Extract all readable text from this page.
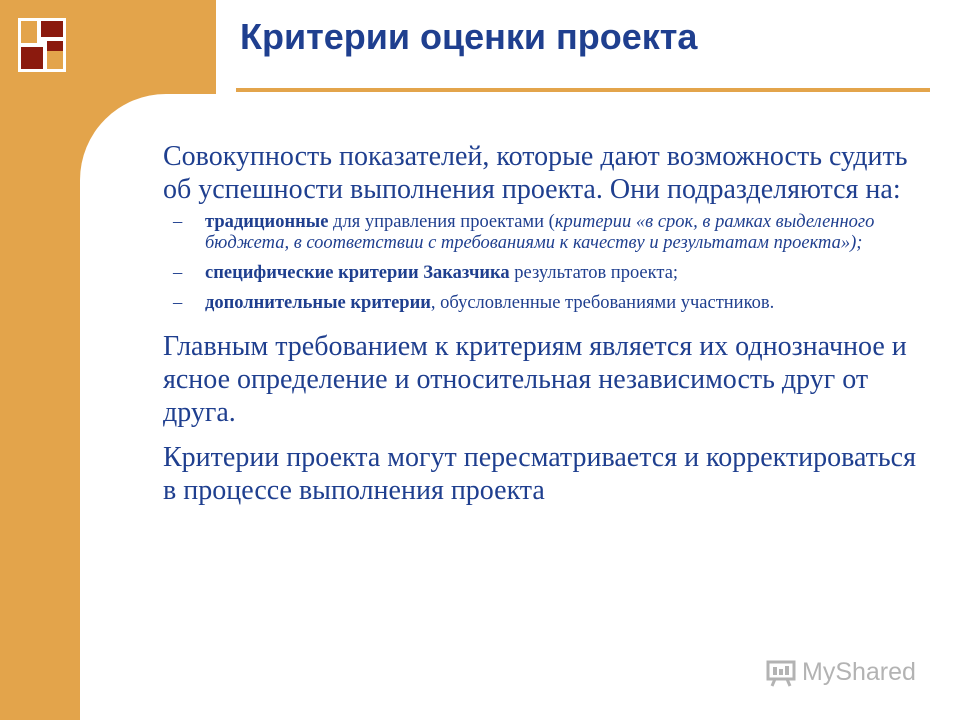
Критерии оценки проекта

Совокупность показателей, которые дают возможность судить об успешности выполнения проекта. Они подразделяются на:

– традиционные для управления проектами (критерии «в срок, в рамках выделенного бюджета, в соответствии с требованиями к качеству и результатам проекта»);
– специфические критерии Заказчика результатов проекта;
– дополнительные критерии, обусловленные требованиями участников.

Главным требованием к критериям является их однозначное и ясное определение и относительная независимость друг от друга.

Критерии проекта могут пересматривается и корректироваться в процессе выполнения проекта

MyShared
